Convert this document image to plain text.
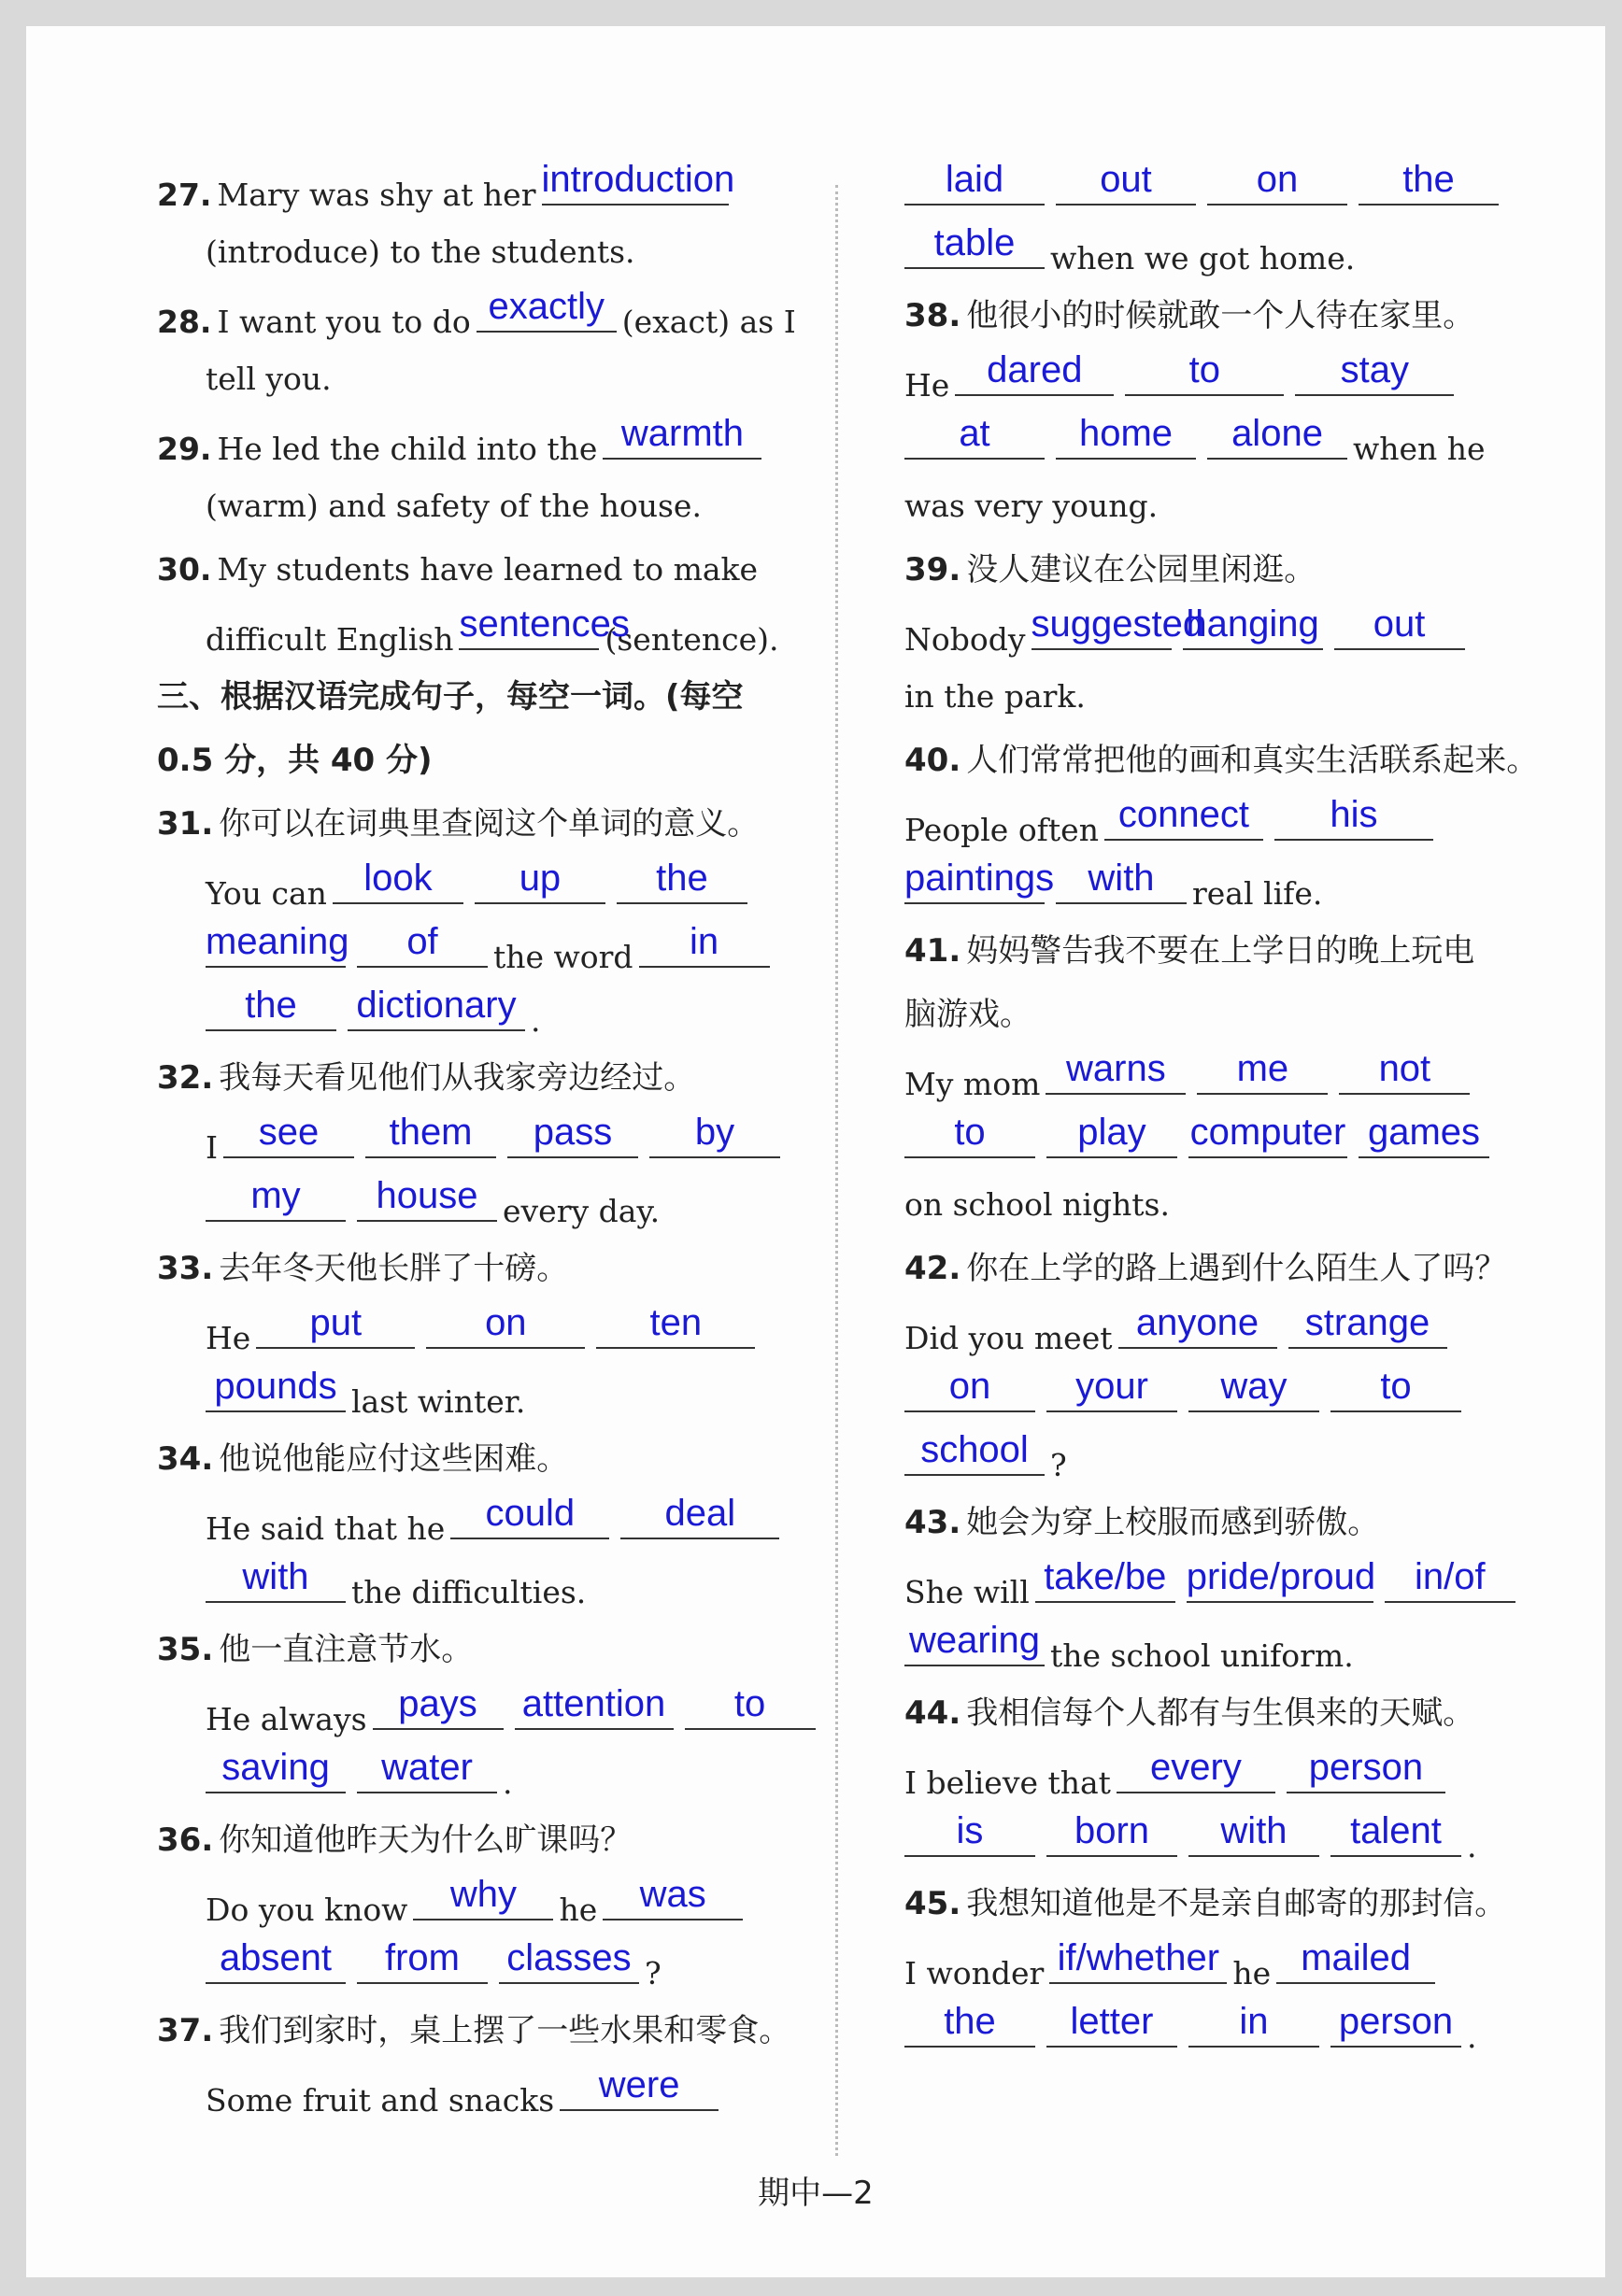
27. Mary was shy at her introduction
(introduce) to the students.
28. I want you to do exactly (exact) as I
tell you.
29. He led the child into the warmth
(warm) and safety of the house.
30. My students have learned to make
difficult English sentences
(sentence).
三、根据汉语完成句子，每空一词。(每空
0.5 分，共 40 分)
31. 你可以在词典里查阅这个单词的意义。
You can look	up	the
meaning	of	the word	in
the	dictionary .
32. 我每天看见他们从我家旁边经过。
I	see	them	pass	by
my	house every day.
33. 去年冬天他长胖了十磅。
He	put	on	ten
pounds last winter.
34. 他说他能应付这些困难。
He said that he	could	deal
with	the difficulties.
35. 他一直注意节水。
He always pays	attention	to
saving	water .
36. 你知道他昨天为什么旷课吗？
Do you know	why	he	was
absent	from	classes ?
37. 我们到家时，桌上摆了一些水果和零食。
Some fruit and snacks	were
laid	out	on	the
table	when we got home.
38. 他很小的时候就敢一个人待在家里。
He dared	to	stay
at	home	alone when he
was very young.
39. 没人建议在公园里闲逛。
Nobody suggested
hanging	out
in the park.
40. 人们常常把他的画和真实生活联系起来。
People often connect	his
paintings with	real life.
41. 妈妈警告我不要在上学日的晚上玩电
脑游戏。
My mom warns	me	not
to	play	computer games
on school nights.
42. 你在上学的路上遇到什么陌生人了吗？
Did you meet anyone	strange
on	your	way	to
school ?
43. 她会为穿上校服而感到骄傲。
She will take/be pride/proud	in/of
wearing the school uniform.
44. 我相信每个人都有与生俱来的天赋。
I believe that	every	person
is	born	with	talent .
45. 我想知道他是不是亲自邮寄的那封信。
I wonder if/whether he mailed
the	letter	in	person .
期中—2
